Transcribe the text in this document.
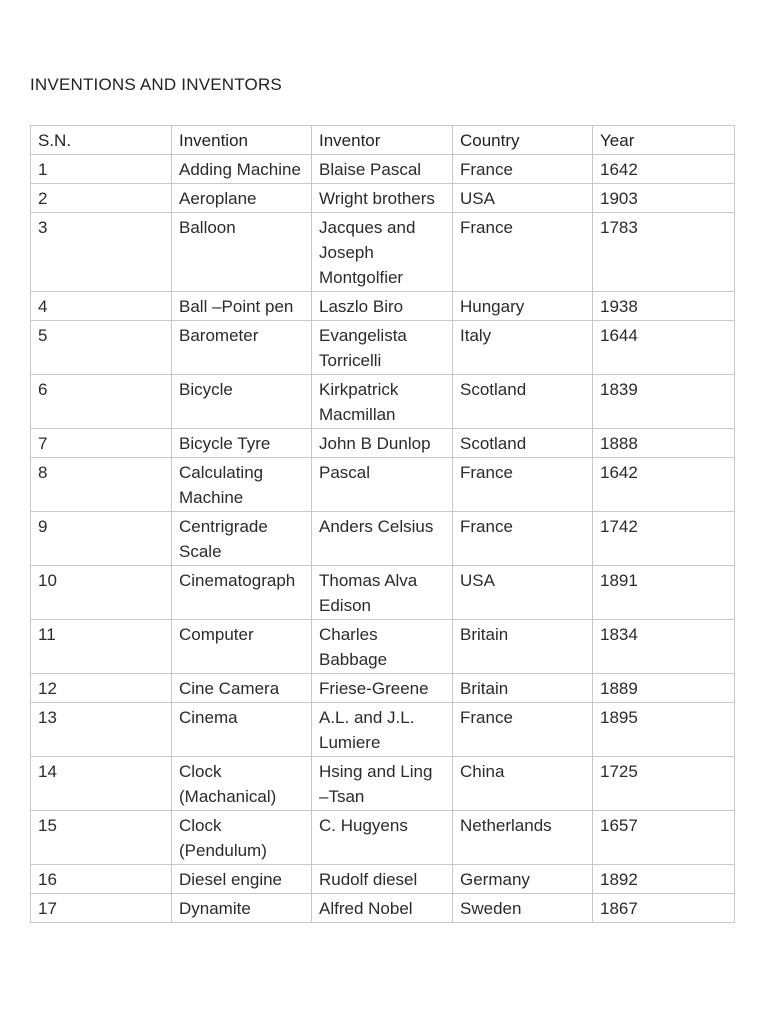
INVENTIONS AND INVENTORS
S.N.	Invention	Inventor	Country	Year
1	Adding Machine	Blaise Pascal	France	1642
2	Aeroplane	Wright brothers	USA	1903
3	Balloon	Jacques and Joseph Montgolfier	France	1783
4	Ball –Point pen	Laszlo Biro	Hungary	1938
5	Barometer	Evangelista Torricelli	Italy	1644
6	Bicycle	Kirkpatrick Macmillan	Scotland	1839
7	Bicycle Tyre	John B Dunlop	Scotland	1888
8	Calculating Machine	Pascal	France	1642
9	Centrigrade Scale	Anders Celsius	France	1742
10	Cinematograph	Thomas Alva Edison	USA	1891
11	Computer	Charles Babbage	Britain	1834
12	Cine Camera	Friese-Greene	Britain	1889
13	Cinema	A.L. and J.L. Lumiere	France	1895
14	Clock (Machanical)	Hsing and Ling –Tsan	China	1725
15	Clock (Pendulum)	C. Hugyens	Netherlands	1657
16	Diesel engine	Rudolf diesel	Germany	1892
17	Dynamite	Alfred Nobel	Sweden	1867
